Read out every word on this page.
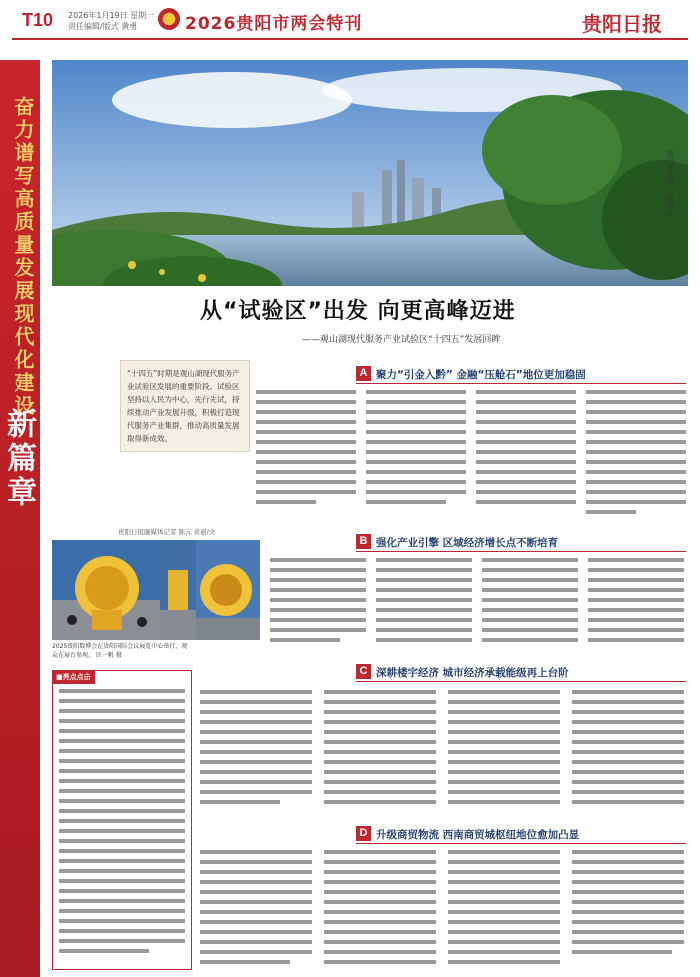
T10 2026年1月19日 星期一
责任编辑/版式 黄勇	2026贵阳市两会特刊	贵阳日报
奋力谱写高质量发展现代化建设
新篇章
观山湖公园。 陈刚 摄
从“试验区”出发 向更高峰迈进
——观山湖现代服务产业试验区“十四五”发展回眸

“十四五”时期是观山湖现代服务产业试验区发展的重要阶段。试验区坚持以人民为中心，先行先试，持续推动产业发展升级，积极打造现代服务产业集群，推动高质量发展取得新成效。

贵阳日报融媒体记者 陈亢 黄丽/文
A 聚力“引金入黔” 金融“压舱石”地位更加稳固
2025贵阳数博会在贵阳国际会议展览中心举行，观众在展台参观。 匡一帆 摄
B 强化产业引擎 区域经济增长点不断培育
■亮点点击	C 深耕楼宇经济 城市经济承载能级再上台阶
D 升级商贸物流 西南商贸城枢纽地位愈加凸显
